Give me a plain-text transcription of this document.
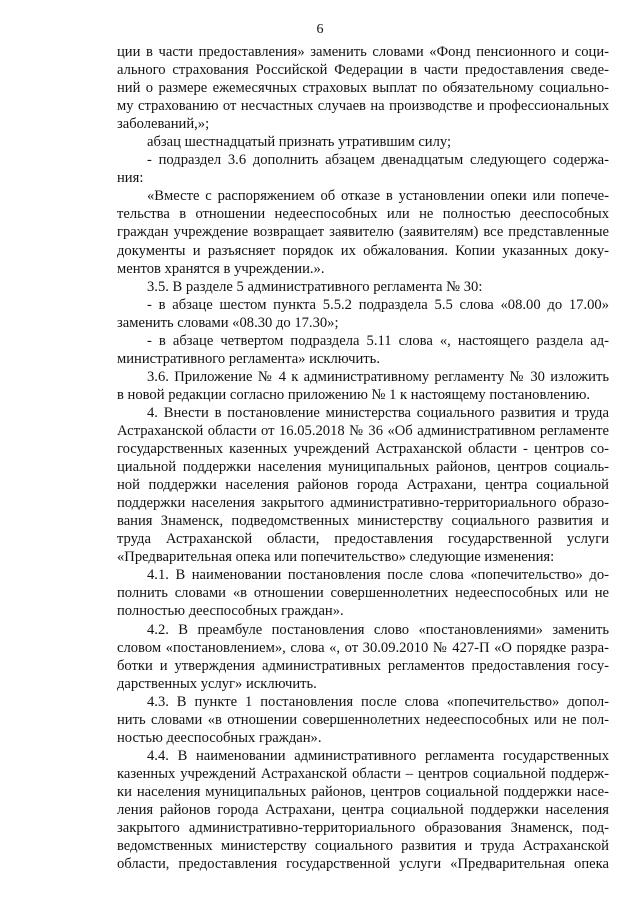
6
ции в части предоставления» заменить словами «Фонд пенсионного и соци-
ального страхования Российской Федерации в части предоставления сведе-
ний о размере ежемесячных страховых выплат по обязательному социально-
му страхованию от несчастных случаев на производстве и профессиональных
заболеваний,»;
абзац шестнадцатый признать утратившим силу;
- подраздел 3.6 дополнить абзацем двенадцатым следующего содержа-
ния:
«Вместе с распоряжением об отказе в установлении опеки или попече-
тельства в отношении недееспособных или не полностью дееспособных
граждан учреждение возвращает заявителю (заявителям) все представленные
документы и разъясняет порядок их обжалования. Копии указанных доку-
ментов хранятся в учреждении.».
3.5. В разделе 5 административного регламента № 30:
- в абзаце шестом пункта 5.5.2 подраздела 5.5 слова «08.00 до 17.00»
заменить словами «08.30 до 17.30»;
- в абзаце четвертом подраздела 5.11 слова «, настоящего раздела ад-
министративного регламента» исключить.
3.6. Приложение № 4 к административному регламенту № 30 изложить
в новой редакции согласно приложению № 1 к настоящему постановлению.
4. Внести в постановление министерства социального развития и труда
Астраханской области от 16.05.2018 № 36 «Об административном регламенте
государственных казенных учреждений Астраханской области - центров со-
циальной поддержки населения муниципальных районов, центров социаль-
ной поддержки населения районов города Астрахани, центра социальной
поддержки населения закрытого административно-территориального образо-
вания Знаменск, подведомственных министерству социального развития и
труда Астраханской области, предоставления государственной услуги
«Предварительная опека или попечительство» следующие изменения:
4.1. В наименовании постановления после слова «попечительство» до-
полнить словами «в отношении совершеннолетних недееспособных или не
полностью дееспособных граждан».
4.2. В преамбуле постановления слово «постановлениями» заменить
словом «постановлением», слова «, от 30.09.2010 № 427-П «О порядке разра-
ботки и утверждения административных регламентов предоставления госу-
дарственных услуг» исключить.
4.3. В пункте 1 постановления после слова «попечительство» допол-
нить словами «в отношении совершеннолетних недееспособных или не пол-
ностью дееспособных граждан».
4.4. В наименовании административного регламента государственных
казенных учреждений Астраханской области – центров социальной поддерж-
ки населения муниципальных районов, центров социальной поддержки насе-
ления районов города Астрахани, центра социальной поддержки населения
закрытого административно-территориального образования Знаменск, под-
ведомственных министерству социального развития и труда Астраханской
области, предоставления государственной услуги «Предварительная опека
